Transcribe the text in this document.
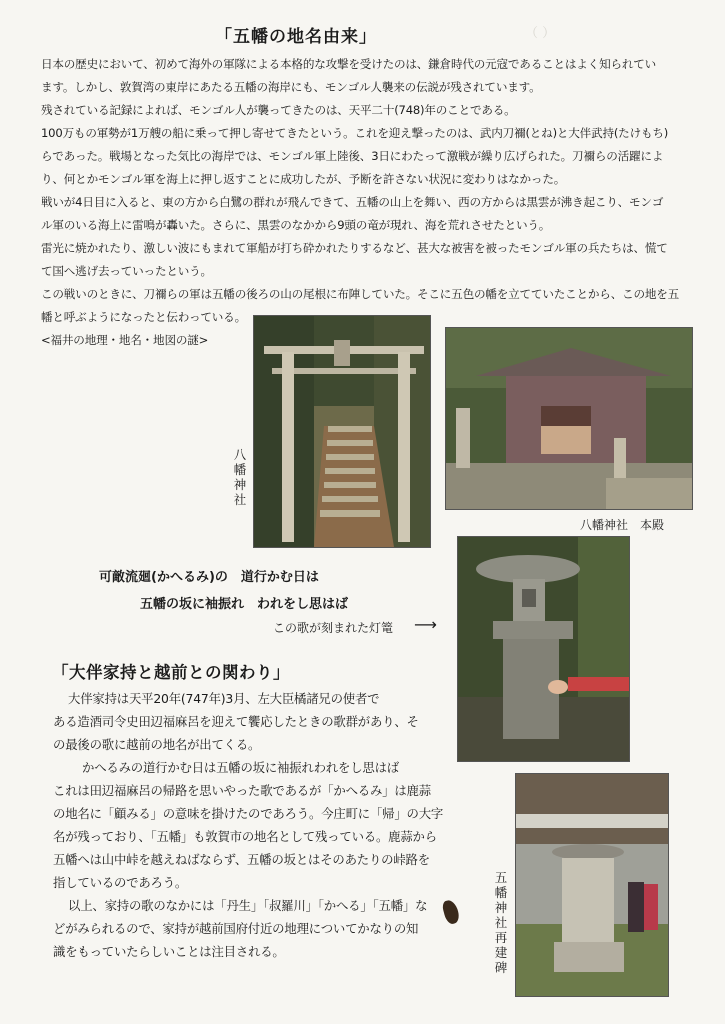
（ ）
「五幡の地名由来」
日本の歴史において、初めて海外の軍隊による本格的な攻撃を受けたのは、鎌倉時代の元寇であることはよく知られてい
ます。しかし、敦賀湾の東岸にあたる五幡の海岸にも、モンゴル人襲来の伝説が残されています。
残されている記録によれば、モンゴル人が襲ってきたのは、天平二十(748)年のことである。
100万もの軍勢が1万艘の船に乗って押し寄せてきたという。これを迎え撃ったのは、武内刀禰(とね)と大伴武持(たけもち)
らであった。戦場となった気比の海岸では、モンゴル軍上陸後、3日にわたって激戦が繰り広げられた。刀禰らの活躍によ
り、何とかモンゴル軍を海上に押し返すことに成功したが、予断を許さない状況に変わりはなかった。
戦いが4日目に入ると、東の方から白鷺の群れが飛んできて、五幡の山上を舞い、西の方からは黒雲が沸き起こり、モンゴ
ル軍のいる海上に雷鳴が轟いた。さらに、黒雲のなかから9頭の竜が現れ、海を荒れさせたという。
雷光に焼かれたり、激しい波にもまれて軍船が打ち砕かれたりするなど、甚大な被害を被ったモンゴル軍の兵たちは、慌て
て国へ逃げ去っていったという。
この戦いのときに、刀禰らの軍は五幡の後ろの山の尾根に布陣していた。そこに五色の幡を立てていたことから、この地を五
幡と呼ぶようになったと伝わっている。
<福井の地理・地名・地図の謎>
八幡神社
八幡神社　本殿
この歌が刻まれた灯篭 ⟶
五幡神社再建碑
可敵流廻(かへるみ)の　道行かむ日は
五幡の坂に袖振れ　われをし思はば
「大伴家持と越前との関わり」
大伴家持は天平20年(747年)3月、左大臣橘諸兄の使者で
ある造酒司令史田辺福麻呂を迎えて饗応したときの歌群があり、そ
の最後の歌に越前の地名が出てくる。
かへるみの道行かむ日は五幡の坂に袖振れわれをし思はば
これは田辺福麻呂の帰路を思いやった歌であるが「かへるみ」は鹿蒜
の地名に「顧みる」の意味を掛けたのであろう。今庄町に「帰」の大字
名が残っており、「五幡」も敦賀市の地名として残っている。鹿蒜から
五幡へは山中峠を越えねばならず、五幡の坂とはそのあたりの峠路を
指しているのであろう。
以上、家持の歌のなかには「丹生」「叔羅川」「かへる」「五幡」な
どがみられるので、家持が越前国府付近の地理についてかなりの知
識をもっていたらしいことは注目される。
